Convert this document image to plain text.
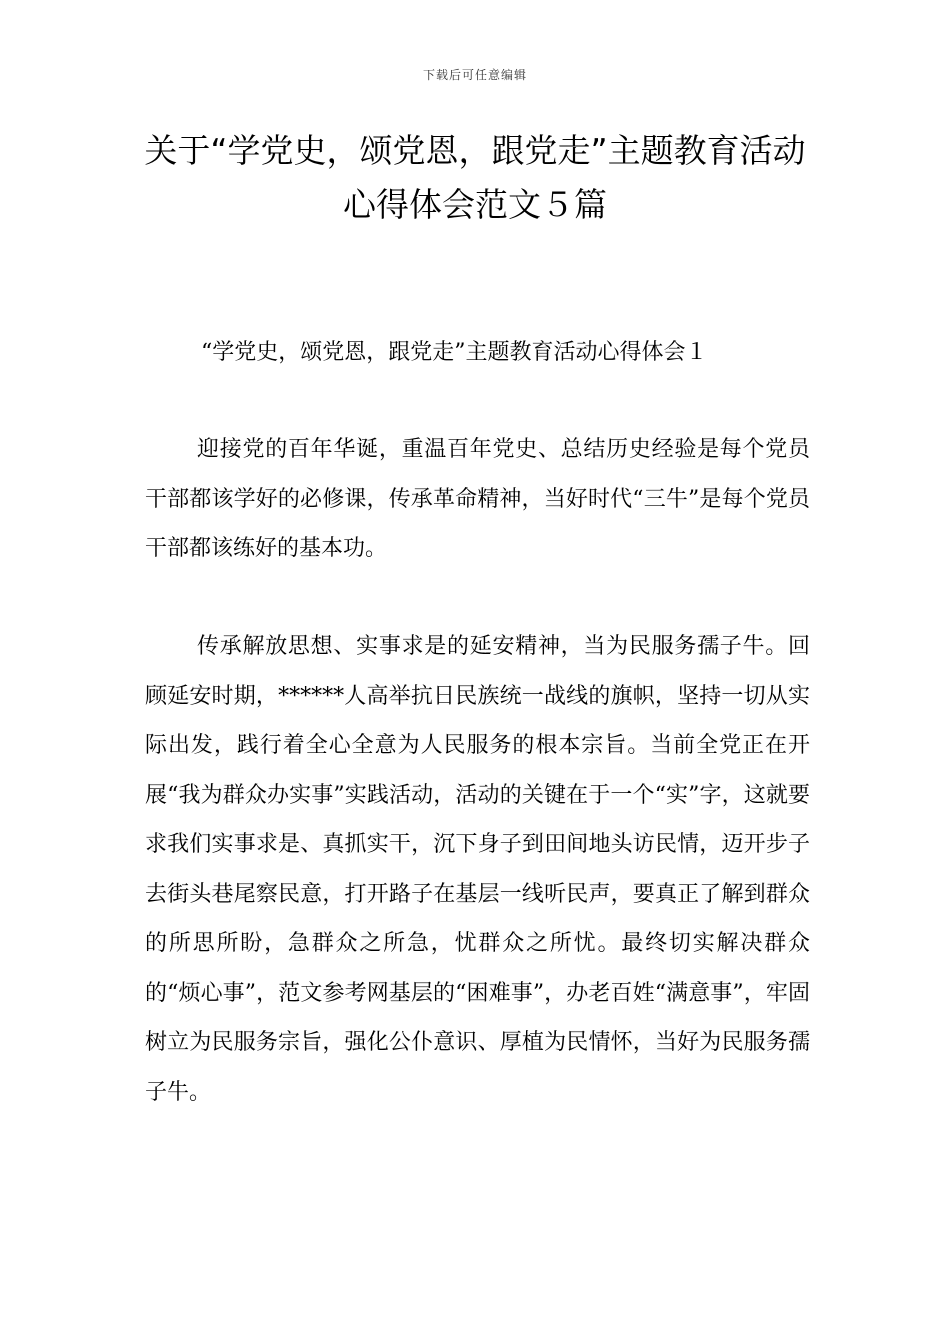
下载后可任意编辑
关于“学党史，颂党恩，跟党走”主题教育活动心得体会范文５篇

“学党史，颂党恩，跟党走”主题教育活动心得体会１

迎接党的百年华诞，重温百年党史、总结历史经验是每个党员干部都该学好的必修课，传承革命精神，当好时代“三牛”是每个党员干部都该练好的基本功。

传承解放思想、实事求是的延安精神，当为民服务孺子牛。回顾延安时期，******人高举抗日民族统一战线的旗帜，坚持一切从实际出发，践行着全心全意为人民服务的根本宗旨。当前全党正在开展“我为群众办实事”实践活动，活动的关键在于一个“实”字，这就要求我们实事求是、真抓实干，沉下身子到田间地头访民情，迈开步子去街头巷尾察民意，打开路子在基层一线听民声，要真正了解到群众的所思所盼，急群众之所急，忧群众之所忧。最终切实解决群众的“烦心事”，范文参考网基层的“困难事”，办老百姓“满意事”，牢固树立为民服务宗旨，强化公仆意识、厚植为民情怀，当好为民服务孺子牛。
